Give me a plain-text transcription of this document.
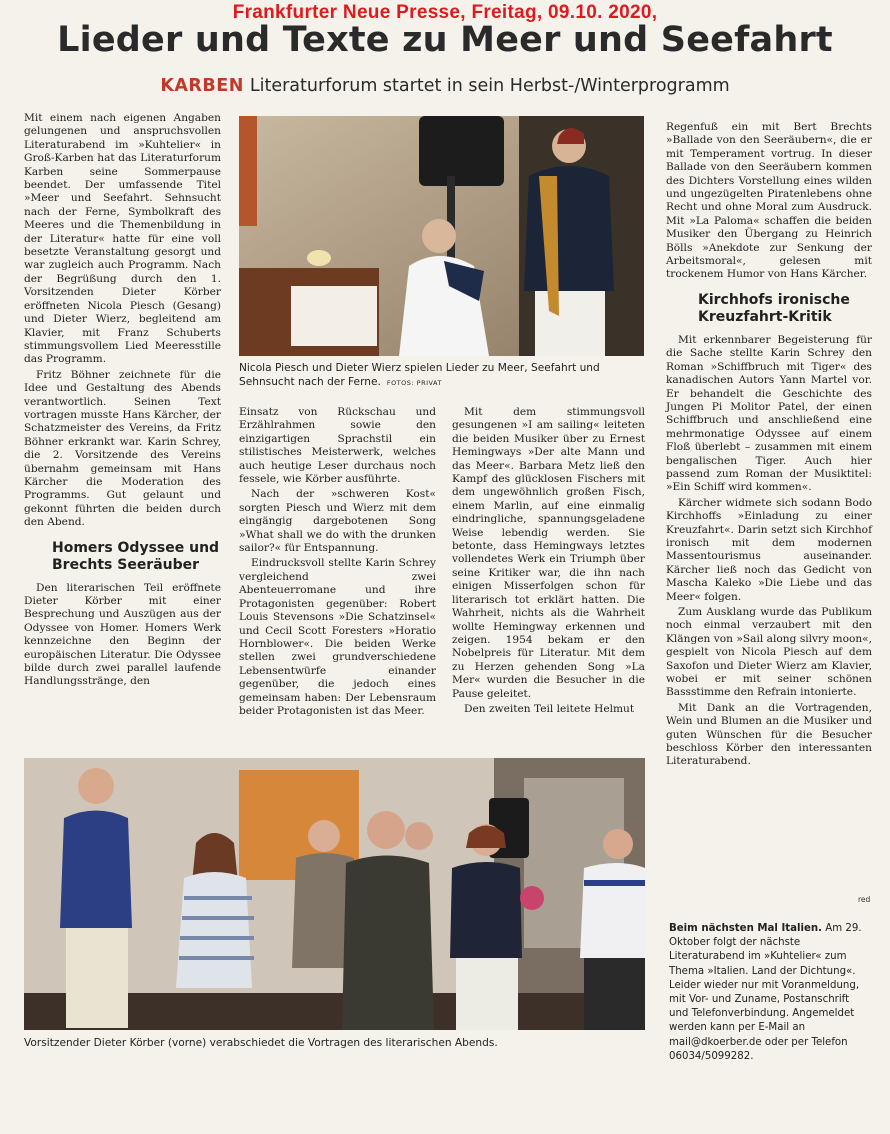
Frankfurter Neue Presse, Freitag, 09.10. 2020,
Lieder und Texte zu Meer und Seefahrt
KARBEN Literaturforum startet in sein Herbst-/Winterprogramm

Mit einem nach eigenen Angaben gelungenen und anspruchsvollen Literaturabend im »Kuhtelier« in Groß-Karben hat das Literaturforum Karben seine Sommerpause beendet. Der umfassende Titel »Meer und Seefahrt. Sehnsucht nach der Ferne, Symbolkraft des Meeres und die Themenbildung in der Literatur« hatte für eine voll besetzte Veranstaltung gesorgt und war zugleich auch Programm. Nach der Begrüßung durch den 1. Vorsitzenden Dieter Körber eröffneten Nicola Piesch (Gesang) und Dieter Wierz, begleitend am Klavier, mit Franz Schuberts stimmungsvollem Lied Meeresstille das Programm.

Fritz Böhner zeichnete für die Idee und Gestaltung des Abends verantwortlich. Seinen Text vortragen musste Hans Kärcher, der Schatzmeister des Vereins, da Fritz Böhner erkrankt war. Karin Schrey, die 2. Vorsitzende des Vereins übernahm gemeinsam mit Hans Kärcher die Moderation des Programms. Gut gelaunt und gekonnt führten die beiden durch den Abend.

Homers Odyssee und Brechts Seeräuber

Den literarischen Teil eröffnete Dieter Körber mit einer Besprechung und Auszügen aus der Odyssee von Homer. Homers Werk kennzeichne den Beginn der europäischen Literatur. Die Odyssee bilde durch zwei parallel laufende Handlungsstränge, den

Nicola Piesch und Dieter Wierz spielen Lieder zu Meer, Seefahrt und Sehnsucht nach der Ferne. FOTOS: PRIVAT

Einsatz von Rückschau und Erzählrahmen sowie den einzigartigen Sprachstil ein stilistisches Meisterwerk, welches auch heutige Leser durchaus noch fessele, wie Körber ausführte.

Nach der »schweren Kost« sorgten Piesch und Wierz mit dem eingängig dargebotenen Song »What shall we do with the drunken sailor?« für Entspannung.

Eindrucksvoll stellte Karin Schrey vergleichend zwei Abenteuerromane und ihre Protagonisten gegenüber: Robert Louis Stevensons »Die Schatzinsel« und Cecil Scott Foresters »Horatio Hornblower«. Die beiden Werke stellen zwei grundverschiedene Lebensentwürfe einander gegenüber, die jedoch eines gemeinsam haben: Der Lebensraum beider Protagonisten ist das Meer.

Mit dem stimmungsvoll gesungenen »I am sailing« leiteten die beiden Musiker über zu Ernest Hemingways »Der alte Mann und das Meer«. Barbara Metz ließ den Kampf des glücklosen Fischers mit dem ungewöhnlich großen Fisch, einem Marlin, auf eine einmalig eindringliche, spannungsgeladene Weise lebendig werden. Sie betonte, dass Hemingways letztes vollendetes Werk ein Triumph über seine Kritiker war, die ihn nach einigen Misserfolgen schon für literarisch tot erklärt hatten. Die Wahrheit, nichts als die Wahrheit wollte Hemingway erkennen und zeigen. 1954 bekam er den Nobelpreis für Literatur. Mit dem zu Herzen gehenden Song »La Mer« wurden die Besucher in die Pause geleitet.

Den zweiten Teil leitete Helmut

Regenfuß ein mit Bert Brechts »Ballade von den Seeräubern«, die er mit Temperament vortrug. In dieser Ballade von den Seeräubern kommen des Dichters Vorstellung eines wilden und ungezügelten Piratenlebens ohne Recht und ohne Moral zum Ausdruck. Mit »La Paloma« schaffen die beiden Musiker den Übergang zu Heinrich Bölls »Anekdote zur Senkung der Arbeitsmoral«, gelesen mit trockenem Humor von Hans Kärcher.

Kirchhofs ironische Kreuzfahrt-Kritik

Mit erkennbarer Begeisterung für die Sache stellte Karin Schrey den Roman »Schiffbruch mit Tiger« des kanadischen Autors Yann Martel vor. Er behandelt die Geschichte des Jungen Pi Molitor Patel, der einen Schiffbruch und anschließend eine mehrmonatige Odyssee auf einem Floß überlebt – zusammen mit einem bengalischen Tiger. Auch hier passend zum Roman der Musiktitel: »Ein Schiff wird kommen«.

Kärcher widmete sich sodann Bodo Kirchhoffs »Einladung zu einer Kreuzfahrt«. Darin setzt sich Kirchhof ironisch mit dem modernen Massentourismus auseinander. Kärcher ließ noch das Gedicht von Mascha Kaleko »Die Liebe und das Meer« folgen.

Zum Ausklang wurde das Publikum noch einmal verzaubert mit den Klängen von »Sail along silvry moon«, gespielt von Nicola Piesch auf dem Saxofon und Dieter Wierz am Klavier, wobei er mit seiner schönen Bassstimme den Refrain intonierte.

Mit Dank an die Vortragenden, Wein und Blumen an die Musiker und guten Wünschen für die Besucher beschloss Körber den interessanten Literaturabend.

red
Vorsitzender Dieter Körber (vorne) verabschiedet die Vortragen des literarischen Abends.
Beim nächsten Mal Italien. Am 29. Oktober folgt der nächste Literaturabend im »Kuhtelier« zum Thema »Italien. Land der Dichtung«. Leider wieder nur mit Voranmeldung, mit Vor- und Zuname, Postanschrift und Telefonverbindung. Angemeldet werden kann per E-Mail an mail@dkoerber.de oder per Telefon 06034/5099282.
